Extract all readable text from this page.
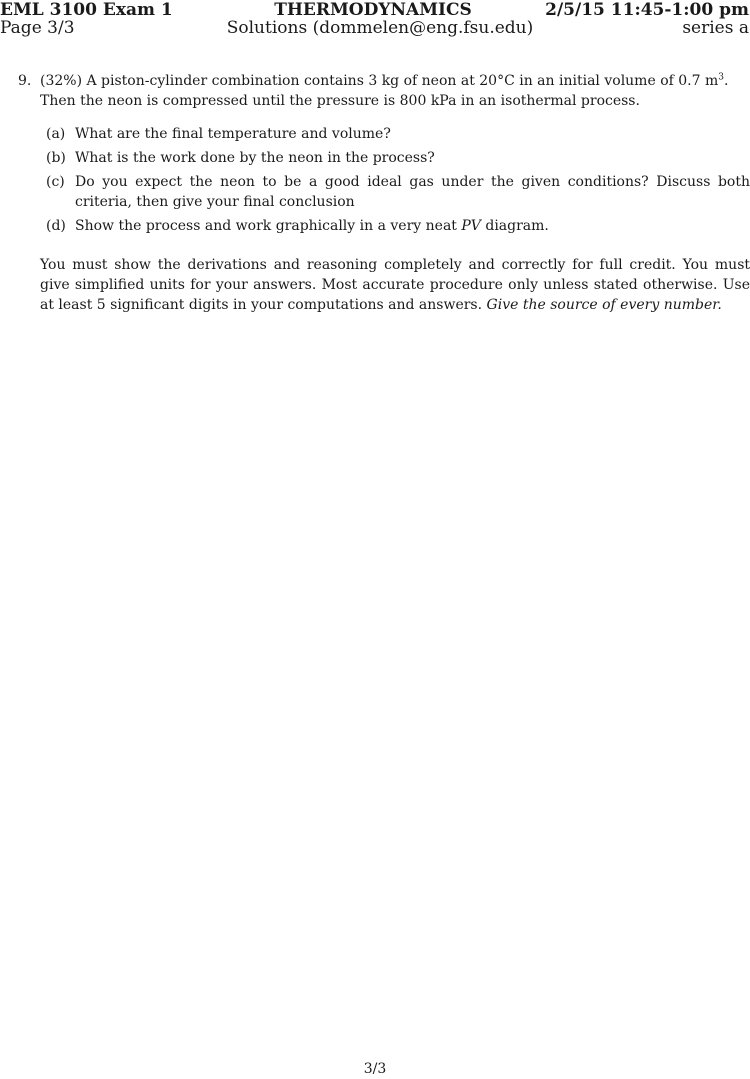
EML 3100 Exam 1	THERMODYNAMICS	2/5/15 11:45-1:00 pm
Page 3/3	Solutions (dommelen@eng.fsu.edu)	series a
9. (32%) A piston-cylinder combination contains 3 kg of neon at 20°C in an initial volume of 0.7 $m^3$.

Then the neon is compressed until the pressure is 800 kPa in an isothermal process.

(a) What are the final temperature and volume?
(b) What is the work done by the neon in the process?
(c) Do you expect the neon to be a good ideal gas under the given conditions? Discuss both criteria, then give your final conclusion
(d) Show the process and work graphically in a very neat PV diagram.
You must show the derivations and reasoning completely and correctly for full credit. You must give simplified units for your answers. Most accurate procedure only unless stated otherwise. Use at least 5 significant digits in your computations and answers. Give the source of every number.
3/3
